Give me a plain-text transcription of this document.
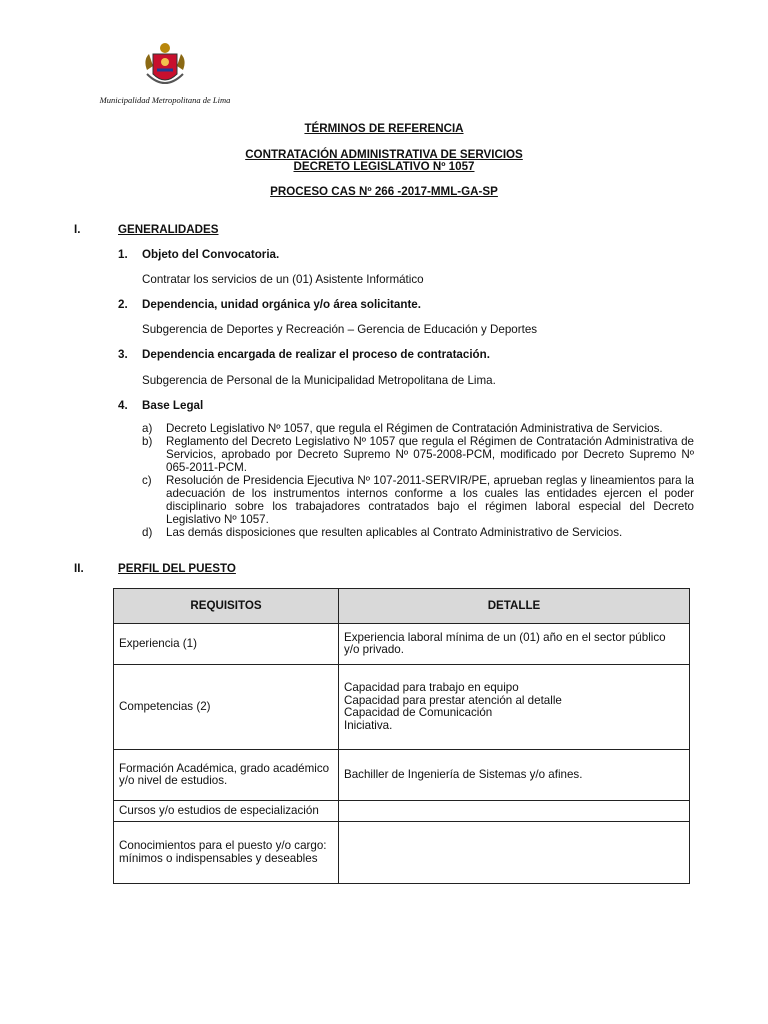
Municipalidad Metropolitana de Lima
TÉRMINOS DE REFERENCIA
CONTRATACIÓN ADMINISTRATIVA DE SERVICIOS
DECRETO LEGISLATIVO Nº 1057
PROCESO CAS Nº 266 -2017-MML-GA-SP
I.	GENERALIDADES
1. Objeto del Convocatoria.
Contratar los servicios de un (01) Asistente Informático
2. Dependencia, unidad orgánica y/o área solicitante.
Subgerencia de Deportes y Recreación – Gerencia de Educación y Deportes
3. Dependencia encargada de realizar el proceso de contratación.
Subgerencia de Personal de la Municipalidad Metropolitana de Lima.
4. Base Legal
a)	Decreto Legislativo Nº 1057, que regula el Régimen de Contratación Administrativa de Servicios.
b)	Reglamento del Decreto Legislativo Nº 1057 que regula el Régimen de Contratación Administrativa de Servicios, aprobado por Decreto Supremo Nº 075-2008-PCM, modificado por Decreto Supremo Nº 065-2011-PCM.
c)	Resolución de Presidencia Ejecutiva Nº 107-2011-SERVIR/PE, aprueban reglas y lineamientos para la adecuación de los instrumentos internos conforme a los cuales las entidades ejercen el poder disciplinario sobre los trabajadores contratados bajo el régimen laboral especial del Decreto Legislativo Nº 1057.
d)	Las demás disposiciones que resulten aplicables al Contrato Administrativo de Servicios.
II.	PERFIL DEL PUESTO
REQUISITOS	DETALLE
Experiencia (1)	Experiencia laboral mínima de un (01) año en el sector público y/o privado.
Competencias (2)	Capacidad para trabajo en equipo
Capacidad para prestar atención al detalle
Capacidad de Comunicación
Iniciativa.

Formación Académica, grado académico y/o nivel de estudios.	Bachiller de Ingeniería de Sistemas y/o afines.
Cursos y/o estudios de especialización	
Conocimientos para el puesto y/o cargo: mínimos o indispensables y deseables	
